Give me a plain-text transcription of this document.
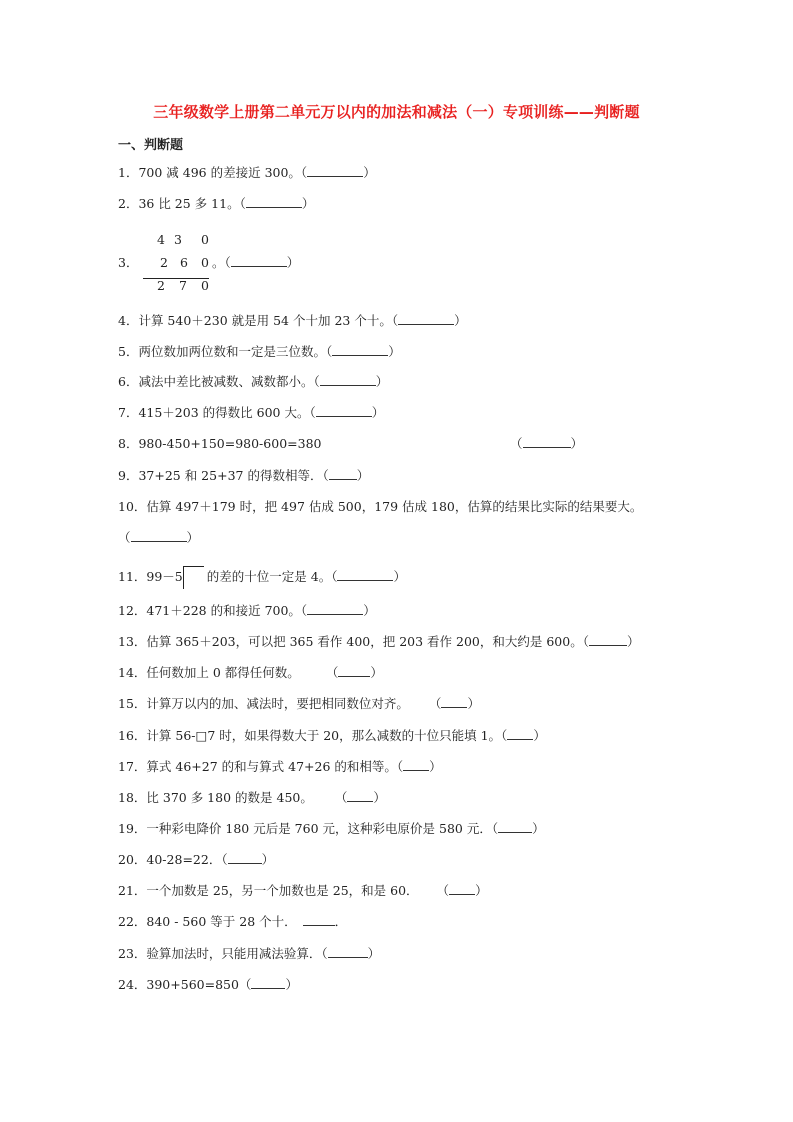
三年级数学上册第二单元万以内的加法和减法（一）专项训练——判断题
一、判断题
1．700 减 496 的差接近 300。（	）
2．36 比 25 多 11。（	）
3．
4 3 0
2 6 0
2 7 0
。（	）
4．计算 540＋230 就是用 54 个十加 23 个十。（	）
5．两位数加两位数和一定是三位数。（	）
6．减法中差比被减数、减数都小。（	）
7．415＋203 的得数比 600 大。（	）
8．980-450+150=980-600=380	（	）
9．37+25 和 25+37 的得数相等．（ ）
10．估算 497＋179 时，把 497 估成 500，179 估成 180，估算的结果比实际的结果要大。
（	）
11．99－5 的差的十位一定是 4。（	）
12．471＋228 的和接近 700。（	）
13．估算 365＋203，可以把 365 看作 400，把 203 看作 200，和大约是 600。（	）
14．任何数加上 0 都得任何数。 （	）
15．计算万以内的加、减法时，要把相同数位对齐。 （ ）
16．计算 56-□7 时，如果得数大于 20，那么减数的十位只能填 1。（ ）
17．算式 46+27 的和与算式 47+26 的和相等。（ ）
18．比 370 多 180 的数是 450。 （ ）
19．一种彩电降价 180 元后是 760 元，这种彩电原价是 580 元．（	）
20．40-28=22．（	）
21．一个加数是 25，另一个加数也是 25，和是 60． （ ）
22．840 - 560 等于 28 个十．	．
23．验算加法时，只能用减法验算．（	）
24．390+560=850（	）
